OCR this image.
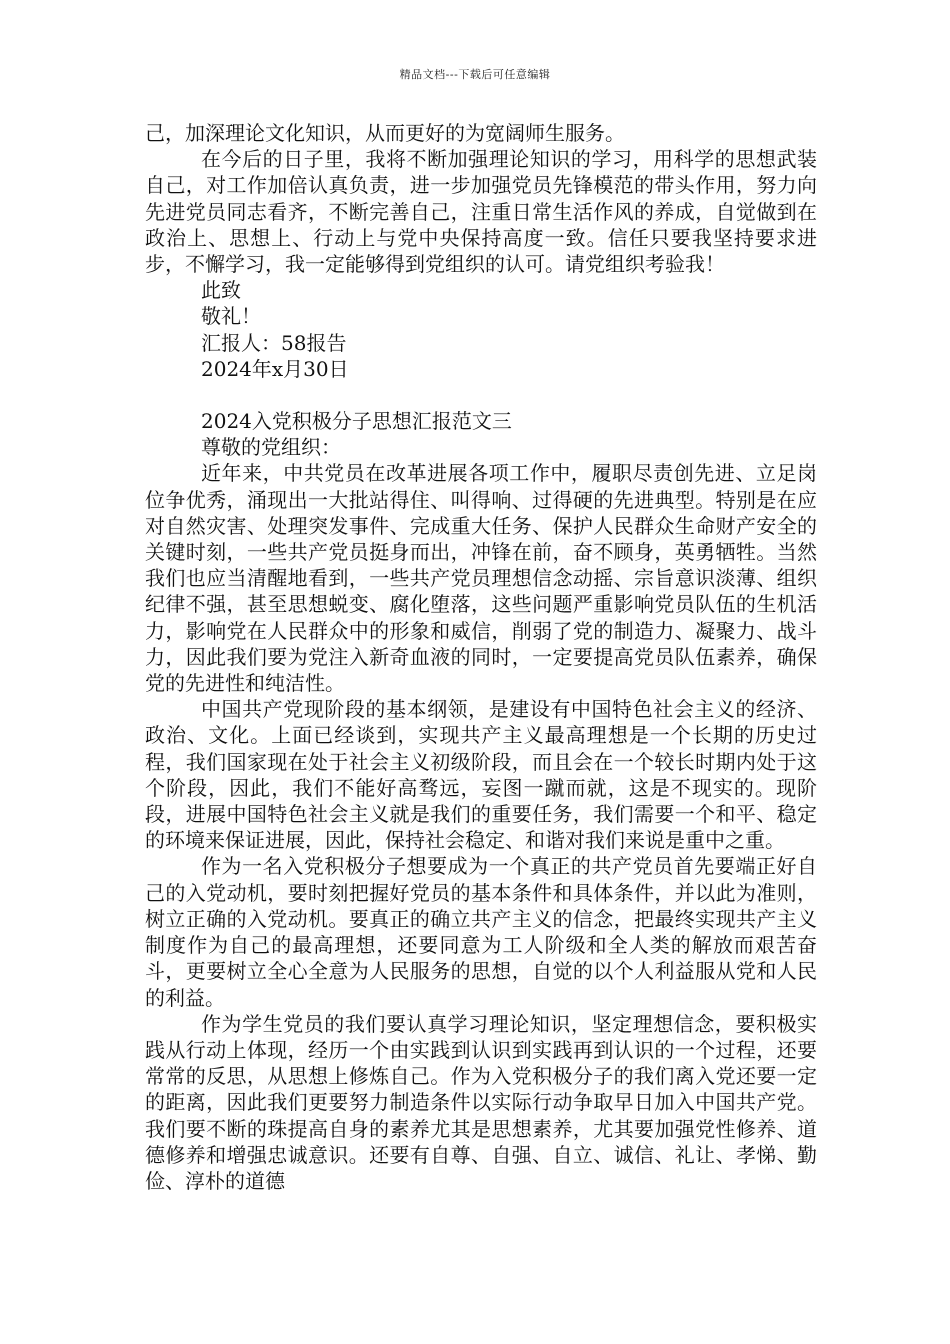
精品文档---下载后可任意编辑

己，加深理论文化知识，从而更好的为宽阔师生服务。

在今后的日子里，我将不断加强理论知识的学习，用科学的思想武装自己，对工作加倍认真负责，进一步加强党员先锋模范的带头作用，努力向先进党员同志看齐，不断完善自己，注重日常生活作风的养成，自觉做到在政治上、思想上、行动上与党中央保持高度一致。信任只要我坚持要求进步，不懈学习，我一定能够得到党组织的认可。请党组织考验我！

此致

敬礼！

汇报人：58报告

2024年x月30日

2024入党积极分子思想汇报范文三

尊敬的党组织：

近年来，中共党员在改革进展各项工作中，履职尽责创先进、立足岗位争优秀，涌现出一大批站得住、叫得响、过得硬的先进典型。特别是在应对自然灾害、处理突发事件、完成重大任务、保护人民群众生命财产安全的关键时刻，一些共产党员挺身而出，冲锋在前，奋不顾身，英勇牺牲。当然我们也应当清醒地看到，一些共产党员理想信念动摇、宗旨意识淡薄、组织纪律不强，甚至思想蜕变、腐化堕落，这些问题严重影响党员队伍的生机活力，影响党在人民群众中的形象和威信，削弱了党的制造力、凝聚力、战斗力，因此我们要为党注入新奇血液的同时，一定要提高党员队伍素养，确保党的先进性和纯洁性。

中国共产党现阶段的基本纲领，是建设有中国特色社会主义的经济、政治、文化。上面已经谈到，实现共产主义最高理想是一个长期的历史过程，我们国家现在处于社会主义初级阶段，而且会在一个较长时期内处于这个阶段，因此，我们不能好高骛远，妄图一蹴而就，这是不现实的。现阶段，进展中国特色社会主义就是我们的重要任务，我们需要一个和平、稳定的环境来保证进展，因此，保持社会稳定、和谐对我们来说是重中之重。

作为一名入党积极分子想要成为一个真正的共产党员首先要端正好自己的入党动机，要时刻把握好党员的基本条件和具体条件，并以此为准则，树立正确的入党动机。要真正的确立共产主义的信念，把最终实现共产主义制度作为自己的最高理想，还要同意为工人阶级和全人类的解放而艰苦奋斗，更要树立全心全意为人民服务的思想，自觉的以个人利益服从党和人民的利益。

作为学生党员的我们要认真学习理论知识，坚定理想信念，要积极实践从行动上体现，经历一个由实践到认识到实践再到认识的一个过程，还要常常的反思，从思想上修炼自己。作为入党积极分子的我们离入党还要一定的距离，因此我们更要努力制造条件以实际行动争取早日加入中国共产党。我们要不断的珠提高自身的素养尤其是思想素养，尤其要加强党性修养、道德修养和增强忠诚意识。还要有自尊、自强、自立、诚信、礼让、孝悌、勤俭、淳朴的道德
